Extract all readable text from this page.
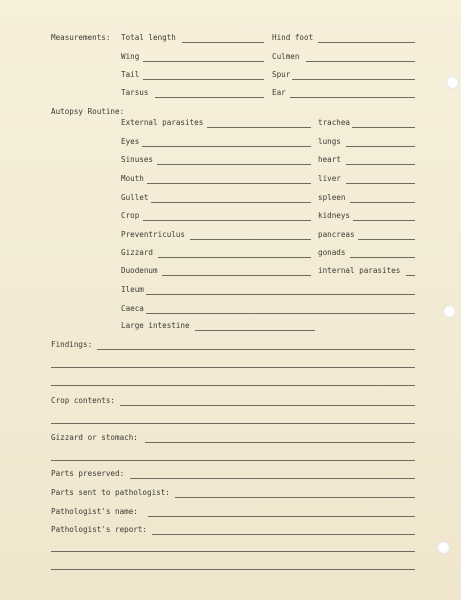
Measurements: Total length	Hind foot
Wing	Culmen
Tail	Spur
Tarsus	Ear
Autopsy Routine:
External parasites	trachea
Eyes	lungs
Sinuses	heart
Mouth	liver
Gullet	spleen
Crop	kidneys
Preventriculus	pancreas
Gizzard	gonads
Duodenum	internal parasites
Ileum
Caeca
Large intestine
Findings:
Crop contents:
Gizzard or stomach:
Parts preserved:
Parts sent to pathologist:
Pathologist's name:
Pathologist's report:
